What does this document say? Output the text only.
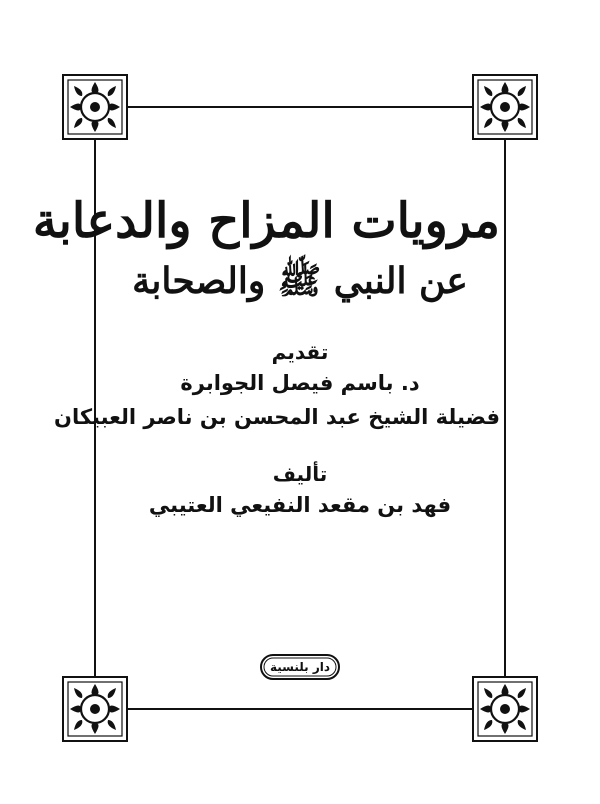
مرويات المزاح والدعابة
عن النبي ﷺ والصحابة

تقديم

د. باسم فيصل الجوابرة

فضيلة الشيخ عبد المحسن بن ناصر العبيكان

تأليف

فهد بن مقعد النفيعي العتيبي

دار بلنسية
